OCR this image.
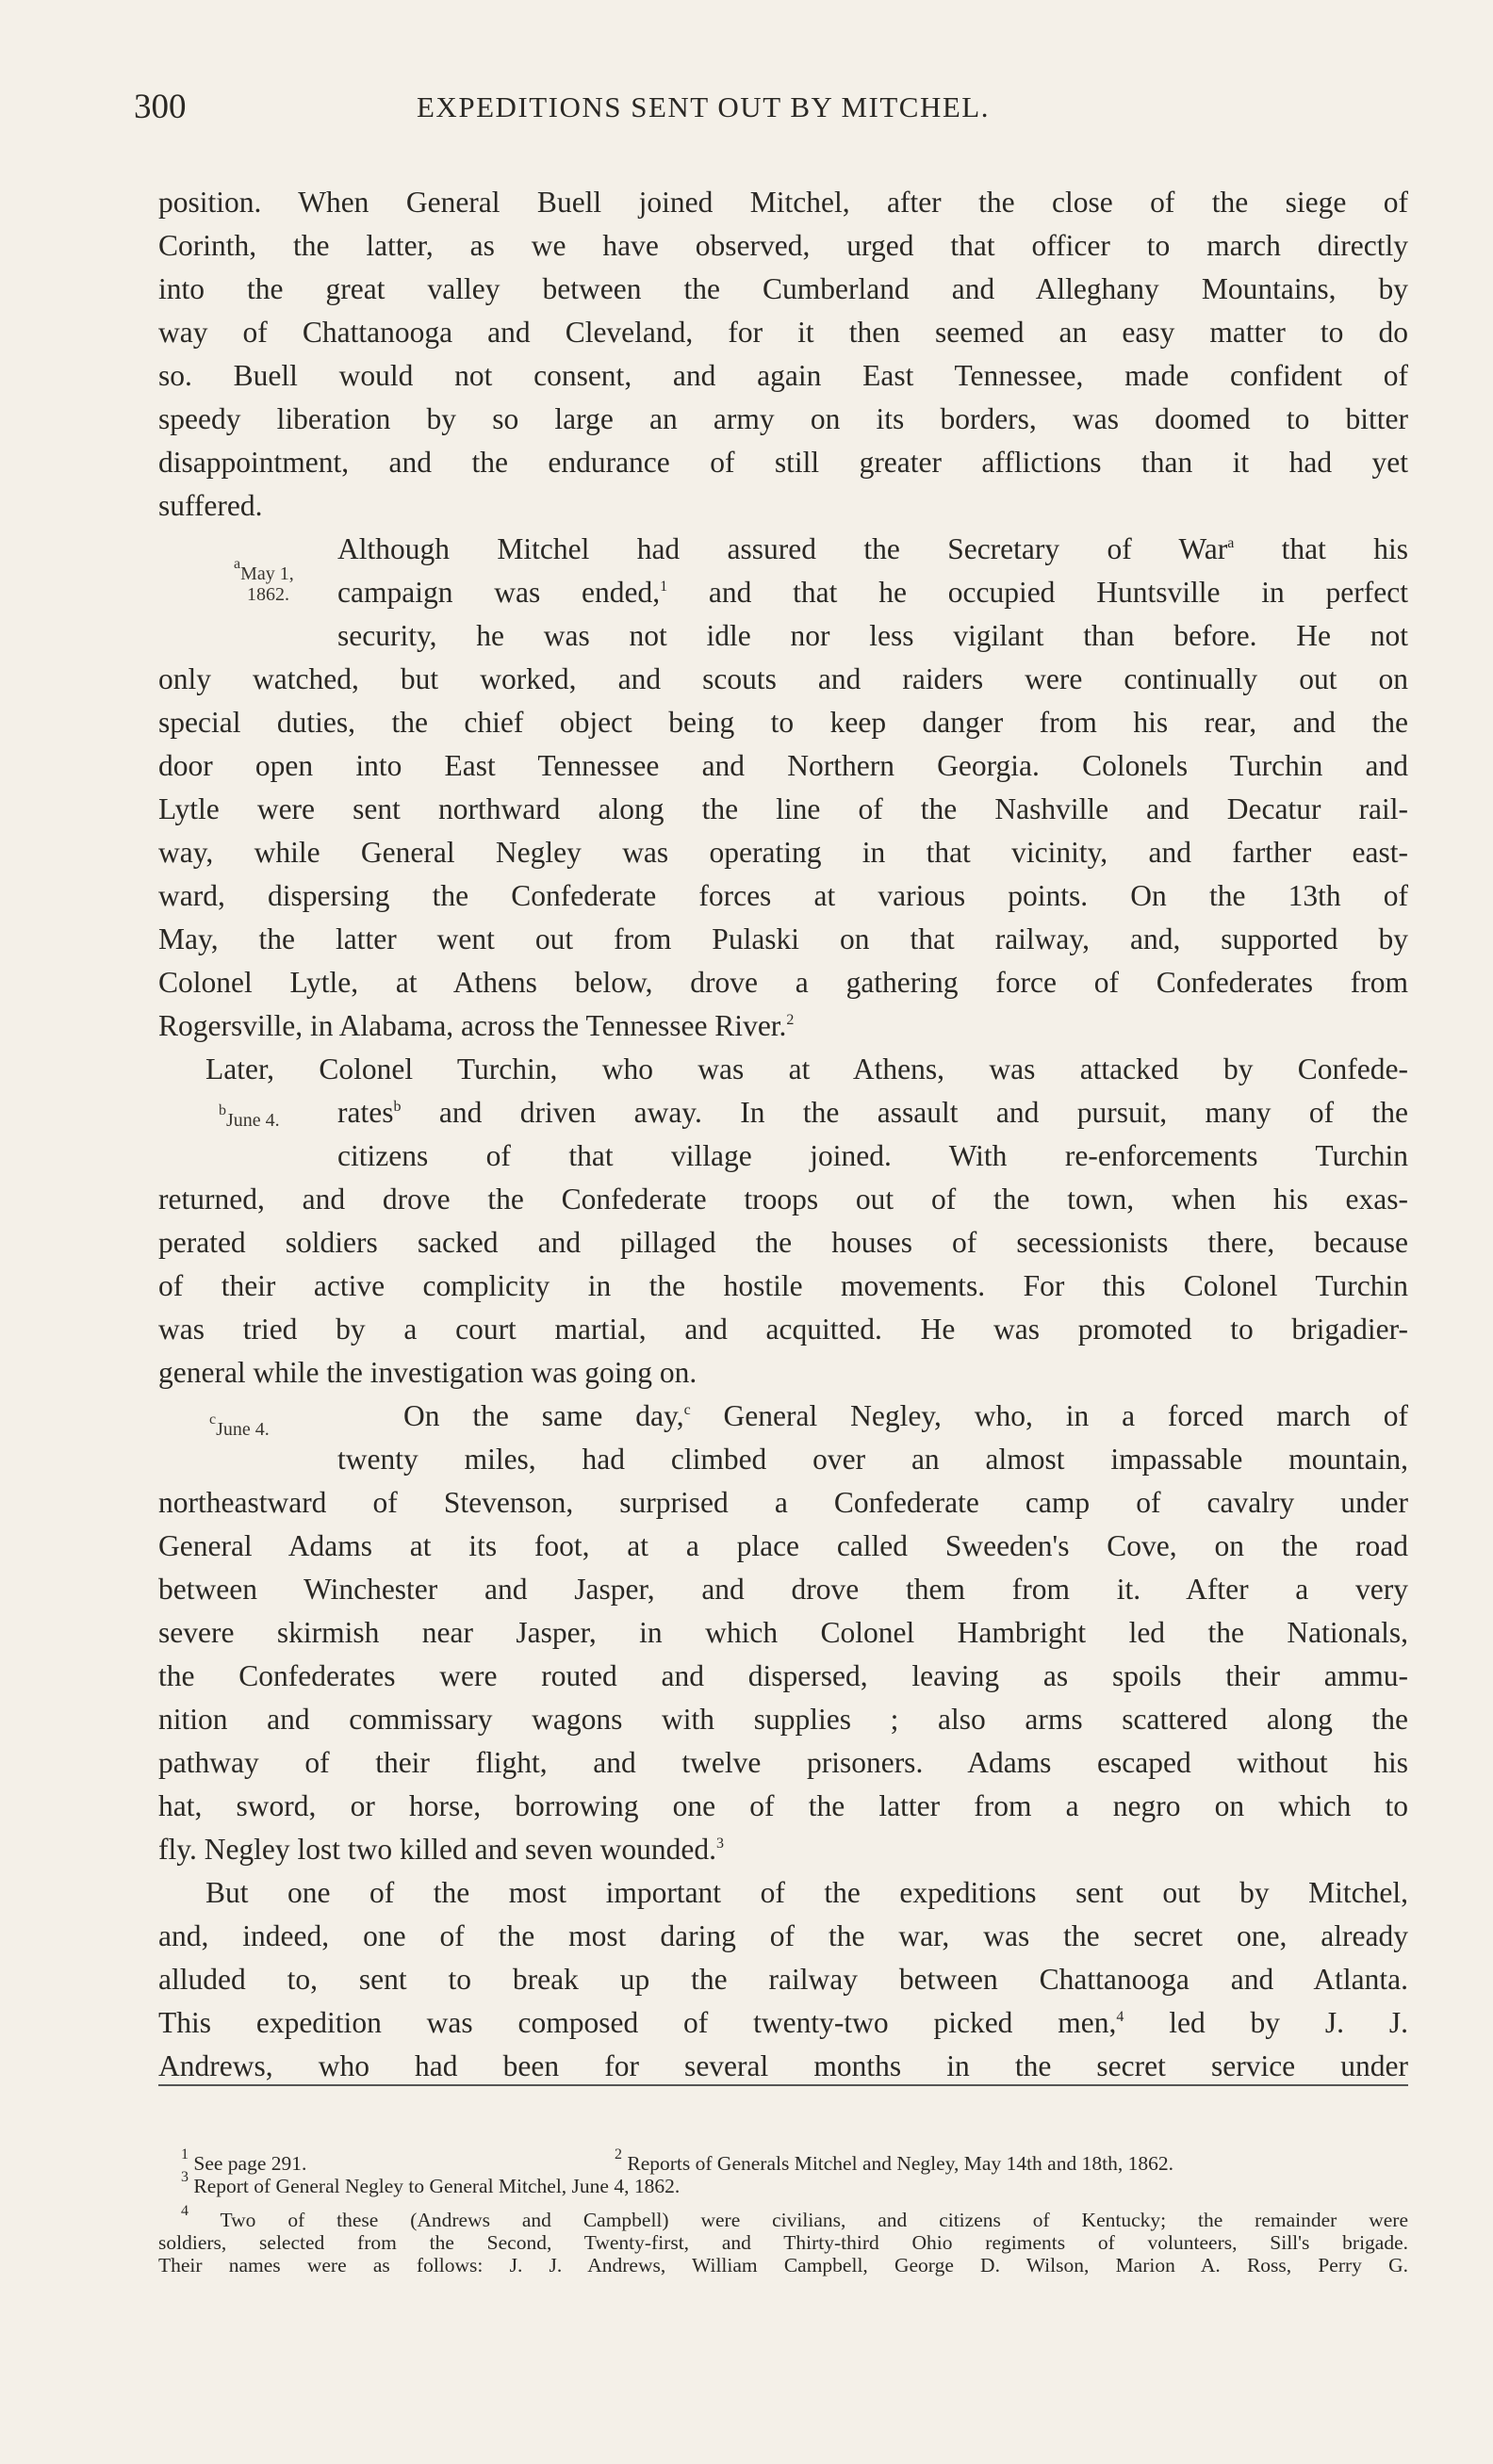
300	EXPEDITIONS SENT OUT BY MITCHEL.
position. When General Buell joined Mitchel, after the close of the siege of
Corinth, the latter, as we have observed, urged that officer to march directly
into the great valley between the Cumberland and Alleghany Mountains, by
way of Chattanooga and Cleveland, for it then seemed an easy matter to do
so. Buell would not consent, and again East Tennessee, made confident of
speedy liberation by so large an army on its borders, was doomed to bitter
disappointment, and the endurance of still greater afflictions than it had yet
suffered.
Although Mitchel had assured the Secretary of War$^a$ that his
campaign was ended,$^1$ and that he occupied Huntsville in perfect
security, he was not idle nor less vigilant than before. He not
only watched, but worked, and scouts and raiders were continually out on
special duties, the chief object being to keep danger from his rear, and the
door open into East Tennessee and Northern Georgia. Colonels Turchin and
Lytle were sent northward along the line of the Nashville and Decatur rail-
way, while General Negley was operating in that vicinity, and farther east-
ward, dispersing the Confederate forces at various points. On the 13th of
May, the latter went out from Pulaski on that railway, and, supported by
Colonel Lytle, at Athens below, drove a gathering force of Confederates from
Rogersville, in Alabama, across the Tennessee River.$^2$
Later, Colonel Turchin, who was at Athens, was attacked by Confede-
rates$^b$ and driven away. In the assault and pursuit, many of the
citizens of that village joined. With re-enforcements Turchin
returned, and drove the Confederate troops out of the town, when his exas-
perated soldiers sacked and pillaged the houses of secessionists there, because
of their active complicity in the hostile movements. For this Colonel Turchin
was tried by a court martial, and acquitted. He was promoted to brigadier-
general while the investigation was going on.
On the same day,$^c$ General Negley, who, in a forced march of
twenty miles, had climbed over an almost impassable mountain,
northeastward of Stevenson, surprised a Confederate camp of cavalry under
General Adams at its foot, at a place called Sweeden's Cove, on the road
between Winchester and Jasper, and drove them from it. After a very
severe skirmish near Jasper, in which Colonel Hambright led the Nationals,
the Confederates were routed and dispersed, leaving as spoils their ammu-
nition and commissary wagons with supplies ; also arms scattered along the
pathway of their flight, and twelve prisoners. Adams escaped without his
hat, sword, or horse, borrowing one of the latter from a negro on which to
fly. Negley lost two killed and seven wounded.$^3$
But one of the most important of the expeditions sent out by Mitchel,
and, indeed, one of the most daring of the war, was the secret one, already
alluded to, sent to break up the railway between Chattanooga and Atlanta.
This expedition was composed of twenty-two picked men,$^4$ led by J. J.
Andrews, who had been for several months in the secret service under
$^a$May 1,
1862.
$^b$June 4.
$^c$June 4.
$^1$ See page 291.	$^2$ Reports of Generals Mitchel and Negley, May 14th and 18th, 1862.
$^3$ Report of General Negley to General Mitchel, June 4, 1862.
$^4$ Two of these (Andrews and Campbell) were civilians, and citizens of Kentucky; the remainder were
soldiers, selected from the Second, Twenty-first, and Thirty-third Ohio regiments of volunteers, Sill's brigade.
Their names were as follows: J. J. Andrews, William Campbell, George D. Wilson, Marion A. Ross, Perry G.
